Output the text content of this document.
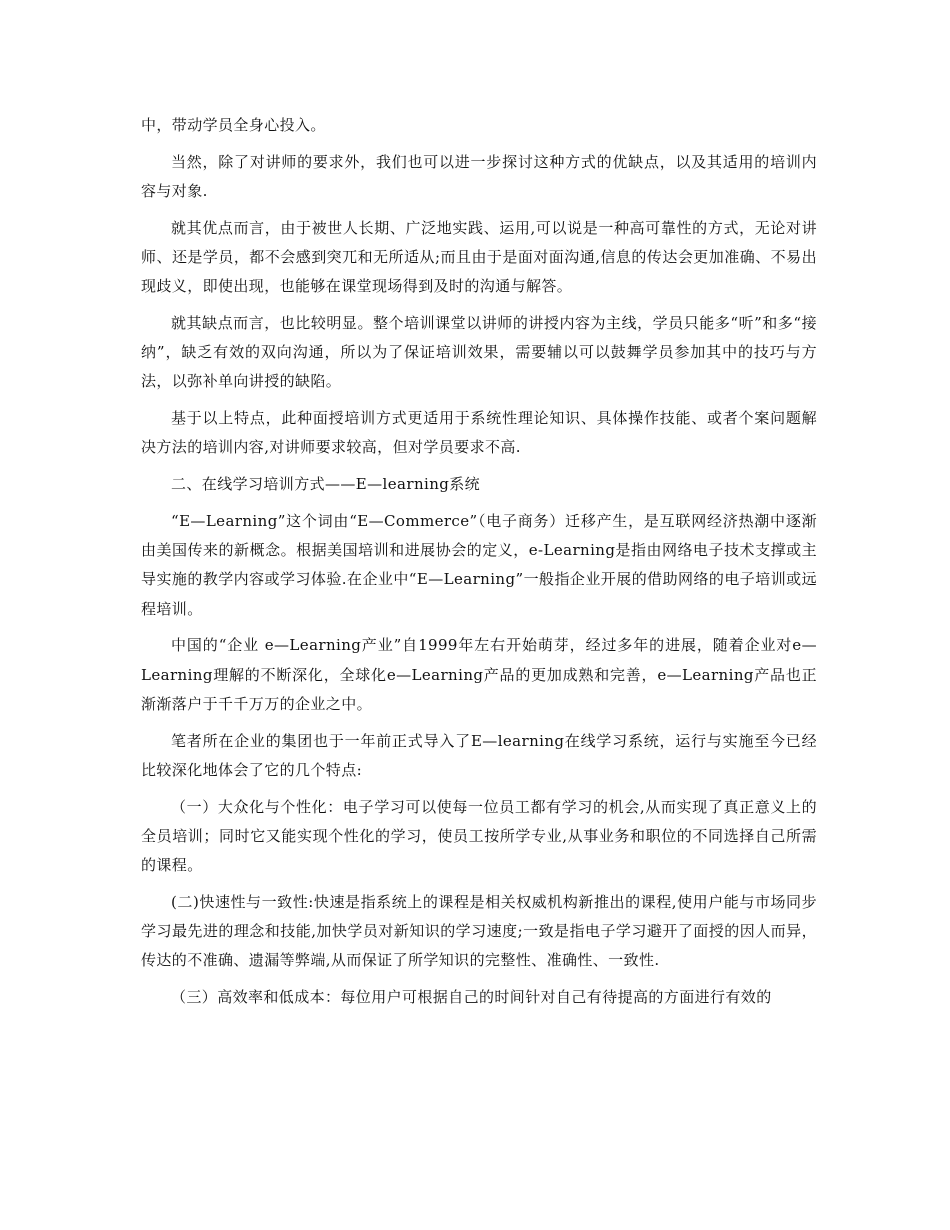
中，带动学员全身心投入。

当然，除了对讲师的要求外，我们也可以进一步探讨这种方式的优缺点，以及其适用的培训内容与对象.

就其优点而言，由于被世人长期、广泛地实践、运用,可以说是一种高可靠性的方式，无论对讲师、还是学员，都不会感到突兀和无所适从;而且由于是面对面沟通,信息的传达会更加准确、不易出现歧义，即使出现，也能够在课堂现场得到及时的沟通与解答。

就其缺点而言，也比较明显。整个培训课堂以讲师的讲授内容为主线，学员只能多“听”和多“接纳”，缺乏有效的双向沟通，所以为了保证培训效果，需要辅以可以鼓舞学员参加其中的技巧与方法，以弥补单向讲授的缺陷。

基于以上特点，此种面授培训方式更适用于系统性理论知识、具体操作技能、或者个案问题解决方法的培训内容,对讲师要求较高，但对学员要求不高.

二、在线学习培训方式——E—learning系统

“E—Learning”这个词由“E—Commerce”（电子商务）迁移产生，是互联网经济热潮中逐渐由美国传来的新概念。根据美国培训和进展协会的定义，e-Learning是指由网络电子技术支撑或主导实施的教学内容或学习体验.在企业中“E—Learning”一般指企业开展的借助网络的电子培训或远程培训。

中国的“企业 e—Learning产业”自1999年左右开始萌芽，经过多年的进展，随着企业对e—Learning理解的不断深化，全球化e—Learning产品的更加成熟和完善，e—Learning产品也正渐渐落户于千千万万的企业之中。

笔者所在企业的集团也于一年前正式导入了E—learning在线学习系统，运行与实施至今已经比较深化地体会了它的几个特点:

（一）大众化与个性化：电子学习可以使每一位员工都有学习的机会,从而实现了真正意义上的全员培训；同时它又能实现个性化的学习，使员工按所学专业,从事业务和职位的不同选择自己所需的课程。

(二)快速性与一致性:快速是指系统上的课程是相关权威机构新推出的课程,使用户能与市场同步学习最先进的理念和技能,加快学员对新知识的学习速度;一致是指电子学习避开了面授的因人而异，传达的不准确、遗漏等弊端,从而保证了所学知识的完整性、准确性、一致性.

（三）高效率和低成本：每位用户可根据自己的时间针对自己有待提高的方面进行有效的
